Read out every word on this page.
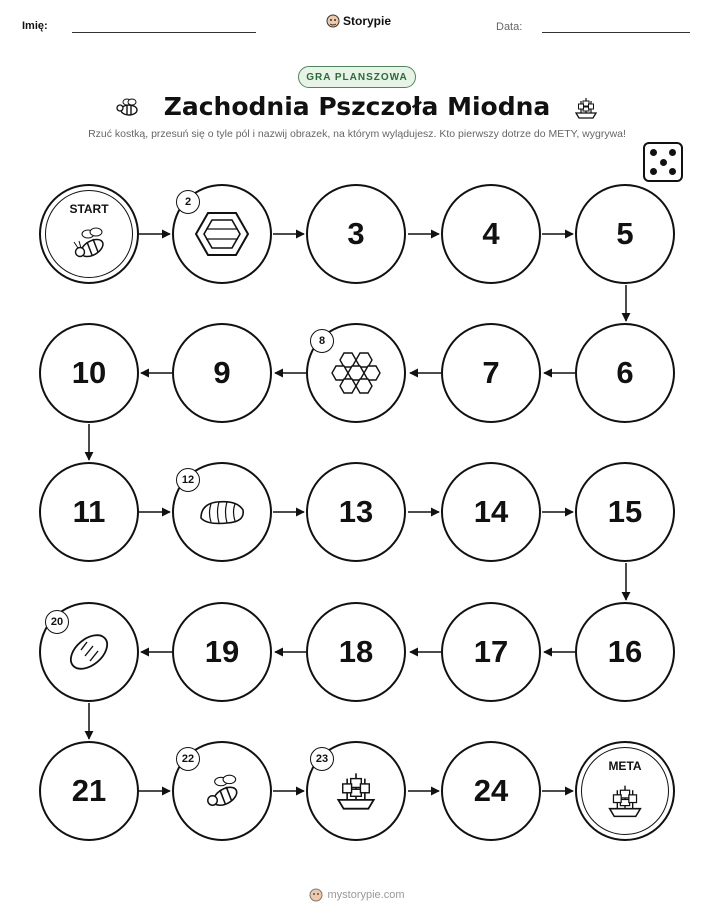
Imię:	Storypie	Data:
GRA PLANSZOWA
Zachodnia Pszczoła Miodna
Rzuć kostką, przesuń się o tyle pól i nazwij obrazek, na którym wylądujesz. Kto pierwszy dotrze do METY, wygrywa!
START	2
3	4	5
10	9
8
7	6
11
12
13	14	15
20
19	18	17	16
21
22	23
24
META
mystorypie.com
